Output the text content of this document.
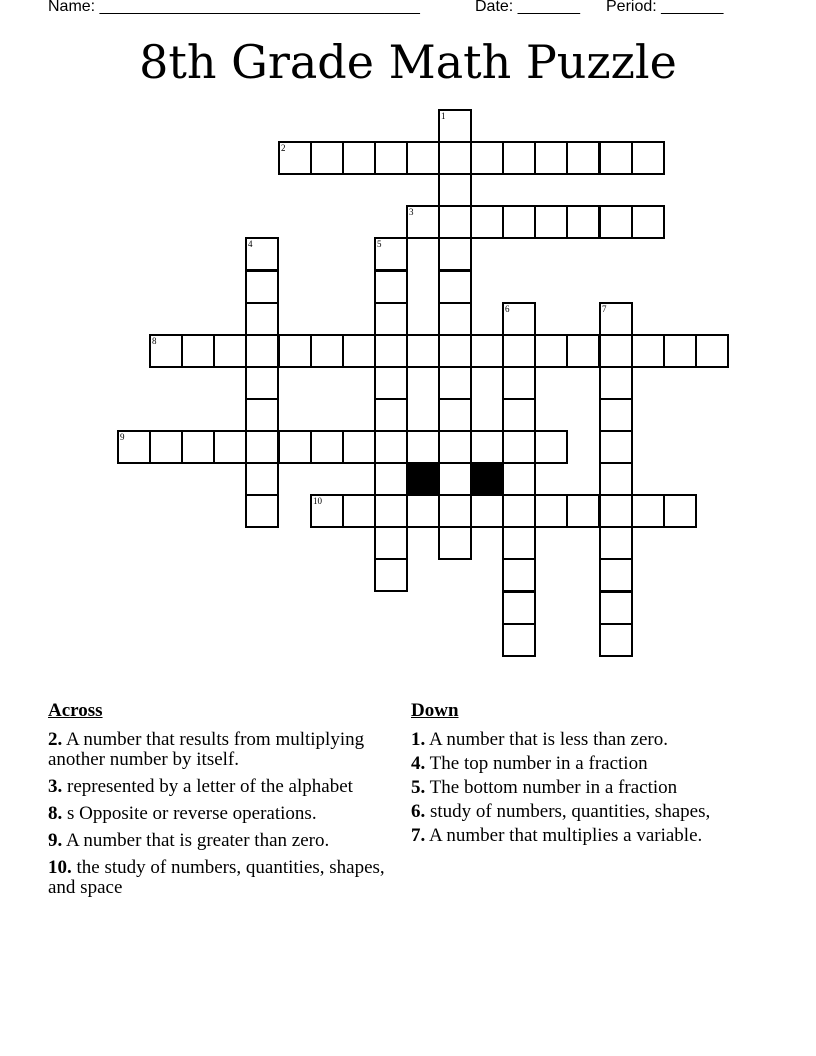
Name: ____________________________________	Date: _______ Period: _______
8th Grade Math Puzzle
1
2
3
4	5
6	7
8
9
10
Across
2. A number that results from multiplying another number by itself.
3. represented by a letter of the alphabet
8. s Opposite or reverse operations.
9. A number that is greater than zero.
10. the study of numbers, quantities, shapes, and space
Down
1. A number that is less than zero.
4. The top number in a fraction
5. The bottom number in a fraction
6. study of numbers, quantities, shapes,
7. A number that multiplies a variable.
